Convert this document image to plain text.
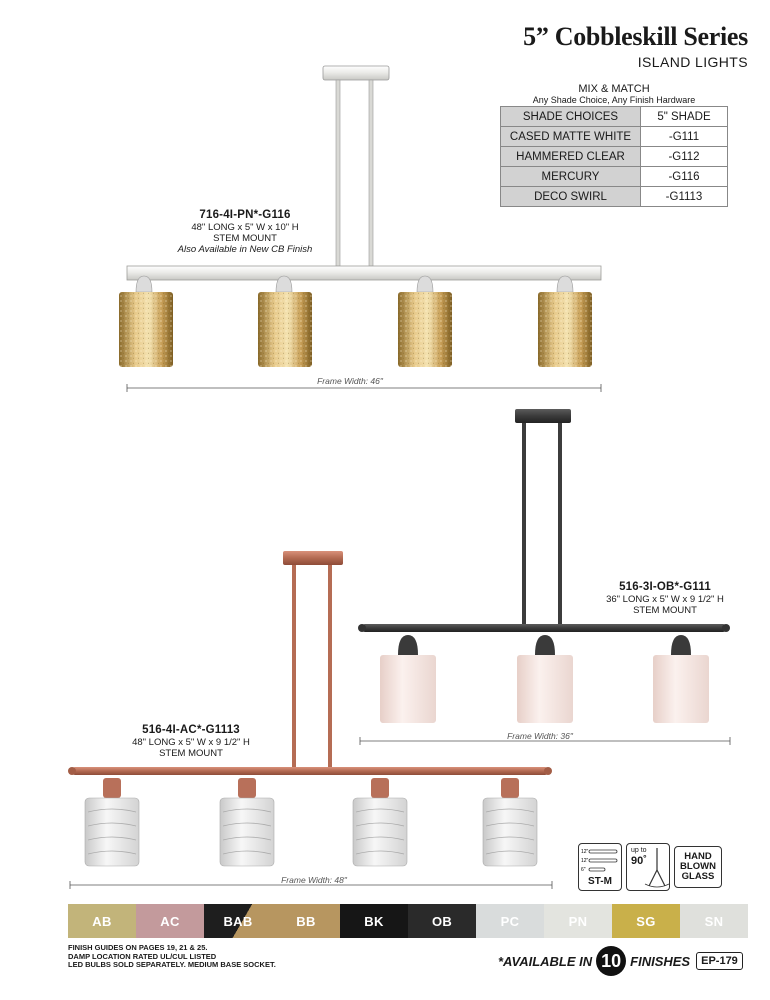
5” Cobbleskill Series
ISLAND LIGHTS
MIX & MATCH
Any Shade Choice, Any Finish Hardware
SHADE CHOICES	5" SHADE
CASED MATTE WHITE	-G111
HAMMERED CLEAR	-G112
MERCURY	-G116
DECO SWIRL	-G1113
716-4I-PN*-G116
48" LONG x 5" W x 10" H
STEM MOUNT
Also Available in New CB Finish
516-3I-OB*-G111
36" LONG x 5" W x 9 1/2" H
STEM MOUNT
516-4I-AC*-G1113
48" LONG x 5" W x 9 1/2" H
STEM MOUNT
Frame Width: 46"
Frame Width: 36"
Frame Width: 48"
12"
12"
6"
ST-M
up to
90˚	HAND
BLOWN
GLASS
AB	AC	BAB	BB	BK	OB	PC	PN	SG	SN
FINISH GUIDES ON PAGES 19, 21 & 25.
DAMP LOCATION RATED UL/CUL LISTED
LED BULBS SOLD SEPARATELY. MEDIUM BASE SOCKET.	*AVAILABLE IN 10 FINISHES	EP-179
